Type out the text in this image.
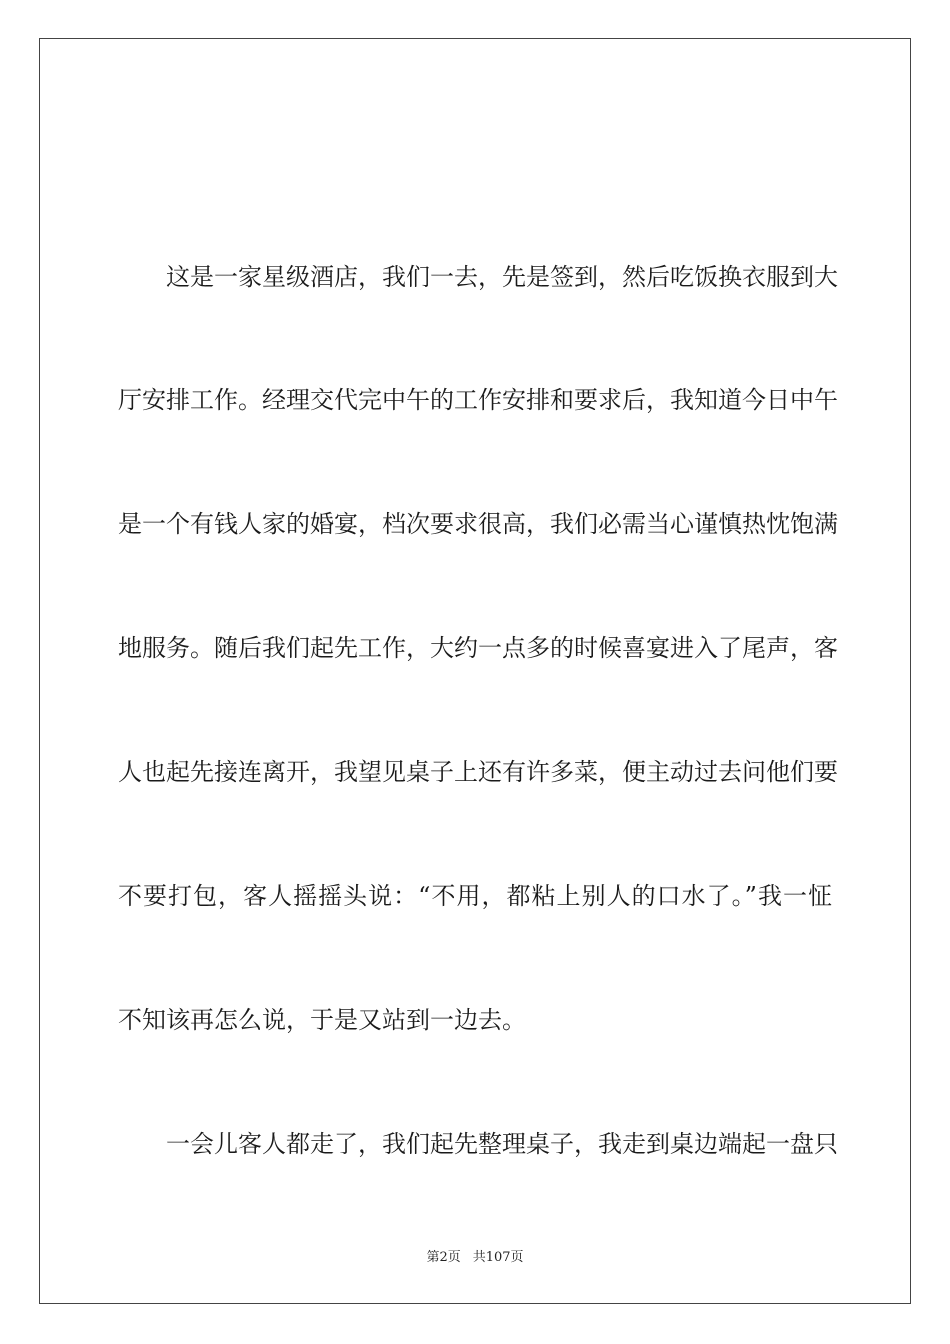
这是一家星级酒店，我们一去，先是签到，然后吃饭换衣服到大
厅安排工作。经理交代完中午的工作安排和要求后，我知道今日中午
是一个有钱人家的婚宴，档次要求很高，我们必需当心谨慎热忱饱满
地服务。随后我们起先工作，大约一点多的时候喜宴进入了尾声，客
人也起先接连离开，我望见桌子上还有许多菜，便主动过去问他们要
不要打包，客人摇摇头说：“不用，都粘上别人的口水了。”我一怔
不知该再怎么说，于是又站到一边去。
一会儿客人都走了，我们起先整理桌子，我走到桌边端起一盘只
第2页 共107页
